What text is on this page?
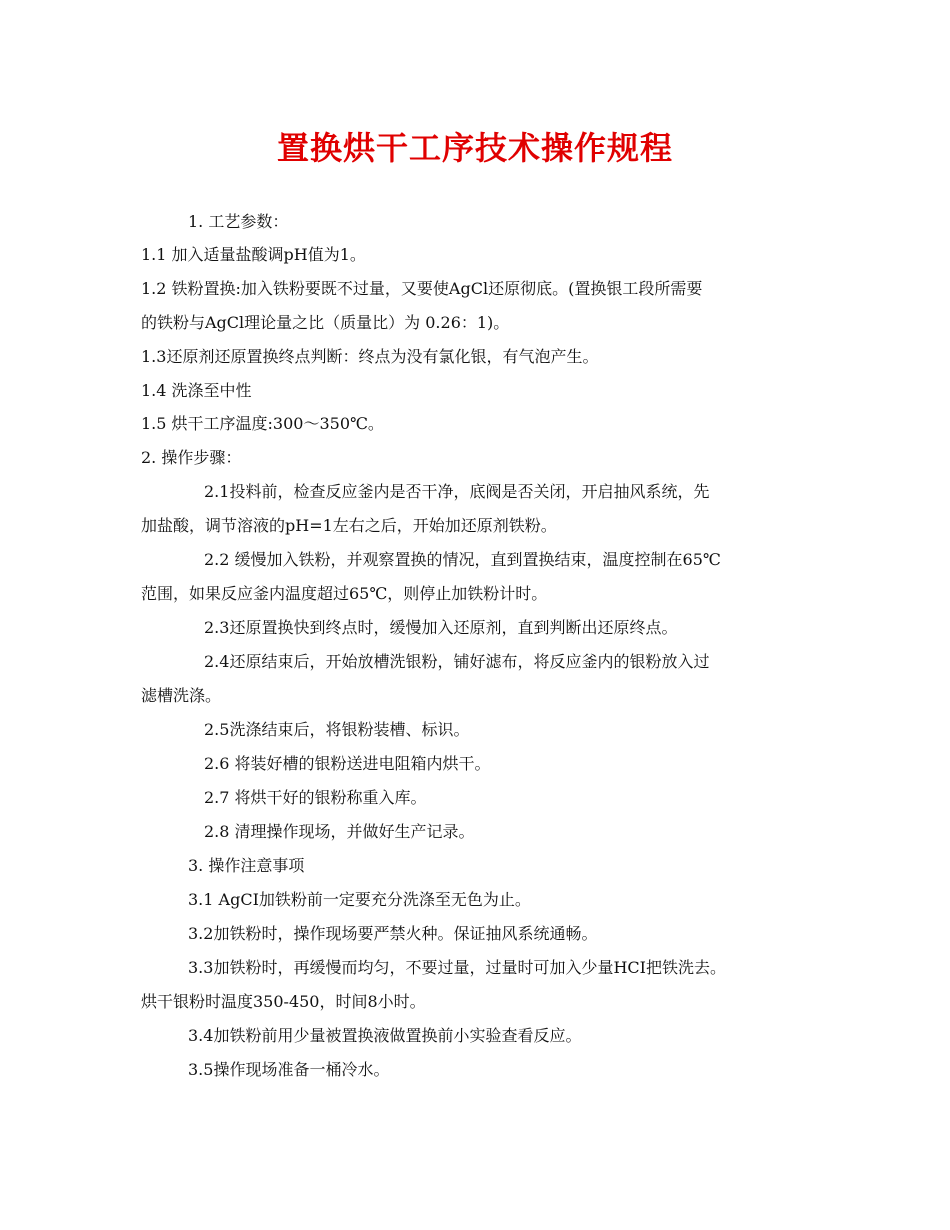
置换烘干工序技术操作规程
1. 工艺参数：
1.1 加入适量盐酸调pH值为1。
1.2 铁粉置换:加入铁粉要既不过量，又要使AgCl还原彻底。(置换银工段所需要
的铁粉与AgCl理论量之比（质量比）为 0.26：1)。
1.3还原剂还原置换终点判断：终点为没有氯化银，有气泡产生。
1.4 洗涤至中性
1.5 烘干工序温度:300～350℃。
2. 操作步骤：
2.1投料前，检查反应釜内是否干净，底阀是否关闭，开启抽风系统，先
加盐酸，调节溶液的pH=1左右之后，开始加还原剂铁粉。
2.2 缓慢加入铁粉，并观察置换的情况，直到置换结束，温度控制在65℃
范围，如果反应釜内温度超过65℃，则停止加铁粉计时。
2.3还原置换快到终点时，缓慢加入还原剂，直到判断出还原终点。
2.4还原结束后，开始放槽洗银粉，铺好滤布，将反应釜内的银粉放入过
滤槽洗涤。
2.5洗涤结束后，将银粉装槽、标识。
2.6 将装好槽的银粉送进电阻箱内烘干。
2.7 将烘干好的银粉称重入库。
2.8 清理操作现场，并做好生产记录。
3. 操作注意事项
3.1 AgCI加铁粉前一定要充分洗涤至无色为止。
3.2加铁粉时，操作现场要严禁火种。保证抽风系统通畅。
3.3加铁粉时，再缓慢而均匀，不要过量，过量时可加入少量HCI把铁洗去。
烘干银粉时温度350-450，时间8小时。
3.4加铁粉前用少量被置换液做置换前小实验查看反应。
3.5操作现场准备一桶冷水。
